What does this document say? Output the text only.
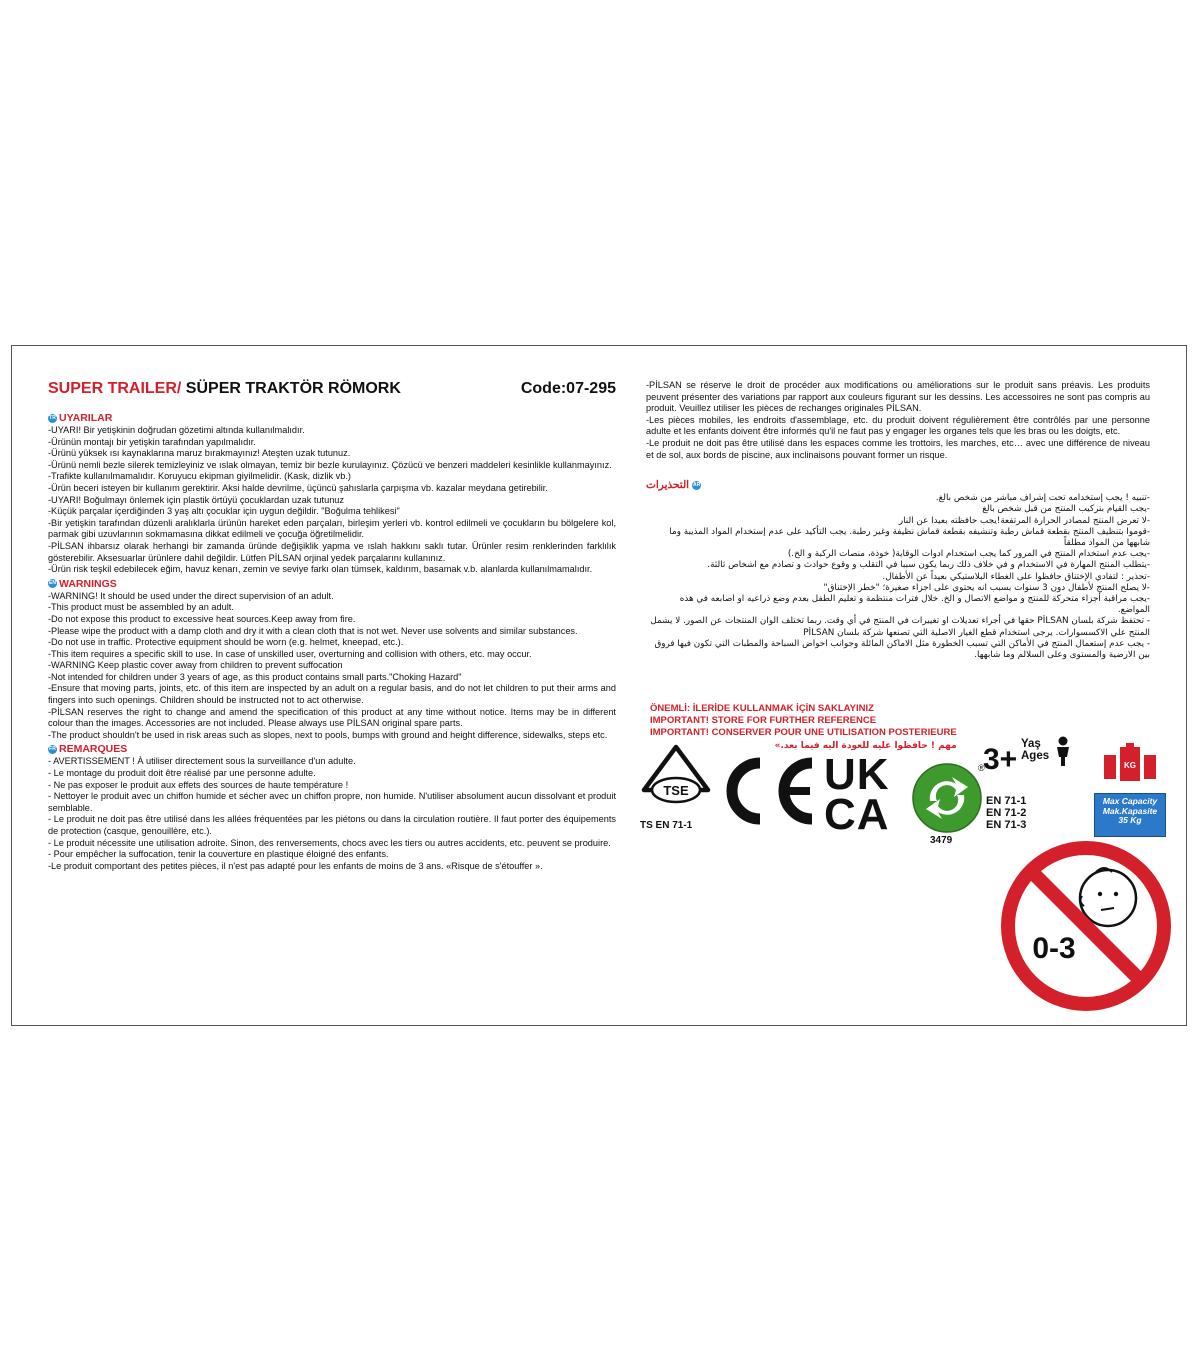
SUPER TRAILER/ SÜPER TRAKTÖR RÖMORK	Code:07-295
TR UYARILAR
-UYARI! Bir yetişkinin doğrudan gözetimi altında kullanılmalıdır.
-Ürünün montajı bir yetişkin tarafından yapılmalıdır.
-Ürünü yüksek ısı kaynaklarına maruz bırakmayınız! Ateşten uzak tutunuz.
-Ürünü nemli bezle silerek temizleyiniz ve ıslak olmayan, temiz bir bezle kurulayınız. Çözücü ve benzeri maddeleri kesinlikle kullanmayınız.
-Trafikte kullanılmamalıdır. Koruyucu ekipman giyilmelidir. (Kask, dizlik vb.)
-Ürün beceri isteyen bir kullanım gerektirir. Aksi halde devrilme, üçüncü şahıslarla çarpışma vb. kazalar meydana getirebilir.
-UYARI! Boğulmayı önlemek için plastik örtüyü çocuklardan uzak tutunuz
-Küçük parçalar içerdiğinden 3 yaş altı çocuklar için uygun değildir. "Boğulma tehlikesi"
-Bir yetişkin tarafından düzenli aralıklarla ürünün hareket eden parçaları, birleşim yerleri vb. kontrol edilmeli ve çocukların bu bölgelere kol, parmak gibi uzuvlarının sokmamasına dikkat edilmeli ve çocuğa öğretilmelidir.
-PİLSAN ihbarsız olarak herhangi bir zamanda üründe değişiklik yapma ve ıslah hakkını saklı tutar. Ürünler resim renklerinden farklılık gösterebilir. Aksesuarlar ürünlere dahil değildir. Lütfen PİLSAN orjinal yedek parçalarını kullanınız.
-Ürün risk teşkil edebilecek eğim, havuz kenarı, zemin ve seviye farkı olan tümsek, kaldırım, basamak v.b. alanlarda kullanılmamalıdır.
EN WARNINGS
-WARNING! It should be used under the direct supervision of an adult.
-This product must be assembled by an adult.
-Do not expose this product to excessive heat sources.Keep away from fire.
-Please wipe the product with a damp cloth and dry it with a clean cloth that is not wet. Never use solvents and similar substances.
-Do not use in traffic. Protective equipment should be worn (e.g. helmet, kneepad, etc.).
-This item requires a specific skill to use. In case of unskilled user, overturning and collision with others, etc. may occur.
-WARNING Keep plastic cover away from children to prevent suffocation
-Not intended for children under 3 years of age, as this product contains small parts."Choking Hazard"
-Ensure that moving parts, joints, etc. of this item are inspected by an adult on a regular basis, and do not let children to put their arms and fingers into such openings. Children should be instructed not to act otherwise.
-PİLSAN reserves the right to change and amend the specification of this product at any time without notice. Items may be in different colour than the images. Accessories are not included. Please always use PİLSAN original spare parts.
-The product shouldn't be used in risk areas such as slopes, next to pools, bumps with ground and height difference, sidewalks, steps etc.
FR REMARQUES
- AVERTISSEMENT ! À utiliser directement sous la surveillance d'un adulte.
- Le montage du produit doit être réalisé par une personne adulte.
- Ne pas exposer le produit aux effets des sources de haute température !
- Nettoyer le produit avec un chiffon humide et sécher avec un chiffon propre, non humide. N'utiliser absolument aucun dissolvant et produit semblable.
- Le produit ne doit pas être utilisé dans les allées fréquentées par les piétons ou dans la circulation routière. Il faut porter des équipements de protection (casque, genouillère, etc.).
- Le produit nécessite une utilisation adroite. Sinon, des renversements, chocs avec les tiers ou autres accidents, etc. peuvent se produire.
- Pour empêcher la suffocation, tenir la couverture en plastique éloigné des enfants.
-Le produit comportant des petites pièces, il n'est pas adapté pour les enfants de moins de 3 ans. «Risque de s'étouffer ».
-PİLSAN se réserve le droit de procéder aux modifications ou améliorations sur le produit sans préavis. Les produits peuvent présenter des variations par rapport aux couleurs figurant sur les dessins. Les accessoires ne sont pas compris au produit. Veuillez utiliser les pièces de rechanges originales PİLSAN.
-Les pièces mobiles, les endroits d'assemblage, etc. du produit doivent régulièrement être contrôlés par une personne adulte et les enfants doivent être informés qu'il ne faut pas y engager les organes tels que les bras ou les doigts, etc.
-Le produit ne doit pas être utilisé dans les espaces comme les trottoirs, les marches, etc… avec une différence de niveau et de sol, aux bords de piscine, aux inclinaisons pouvant former un risque.
AR
التحذيرات
-تنبيه ! يجب إستخدامه تحت إشراف مباشر من شخص بالغ.
-يجب القيام بتركيب المنتج من قبل شخص بالغ
-لا تعرض المنتج لمصادر الحرارة المرتفعة!يجب حافظته بعيدا عن النار
-قوموا بتنظيف المنتج بقطعة قماش رطبة وتنشيفه بقطعة قماش نظيفة وغير رطبة. يجب التأكيد على عدم إستخدام المواد المذيبة وما شابهها من المواد مطلقاً
-يجب عدم استخدام المنتج في المرور كما يجب استخدام ادوات الوقاية( خوذة، منصات الركبة و الخ.)
-يتطلب المنتج المهارة في الاستخدام و في خلاف ذلك ربما يكون سببا في التقلب و وقوع حوادث و تصادم مع اشخاص ثالثة.
-تحذير : لتفادي الإختناق حافظوا على الغطاء البلاستيكي بعيداً عن الأطفال.
-لا يصلح المنتج لأطفال دون 3 سنوات بسبب انه يحتوي على اجزاء صغيرة؛ "خطر الإختناق"
-يجب مراقبة أجزاء متحركة للمنتج و مواضع الاتصال و الخ. خلال فترات منتظمة و تعليم الطفل بعدم وضع ذراعيه او اصابعه في هذه المواضع.
- تحتفظ شركة بلسان PİLSAN حقها في أجراء تعديلات او تغييرات في المنتج في أي وقت. ربما تختلف الوان المنتجات عن الصور. لا يشمل المنتج علي الاكسسوارات. يرجى استخدام قطع الغيار الاصلية التي تصنعها شركة بلسان PİLSAN
- يجب عدم إستعمال المنتج في الأماكن التي تسبب الخطورة مثل الاماكن المائلة وجوانب احواض السباحة والمطبات التي تكون فيها فروق بين الارضية والمستوى وعلى السلالم وما شابهها.
ÖNEMLİ: İLERİDE KULLANMAK İÇİN SAKLAYINIZ
IMPORTANT! STORE FOR FURTHER REFERENCE
IMPORTANT! CONSERVER POUR UNE UTILISATION POSTERIEURE
مهم ! حافظوا عليه للعودة اليه فيما بعد.»
TSE
TS EN 71-1
UK
CA
®
3479
3+ Yaş
Ages
EN 71-1
EN 71-2
EN 71-3
KG
Max Capacity
Mak.Kapasite
35 Kg
0-3
